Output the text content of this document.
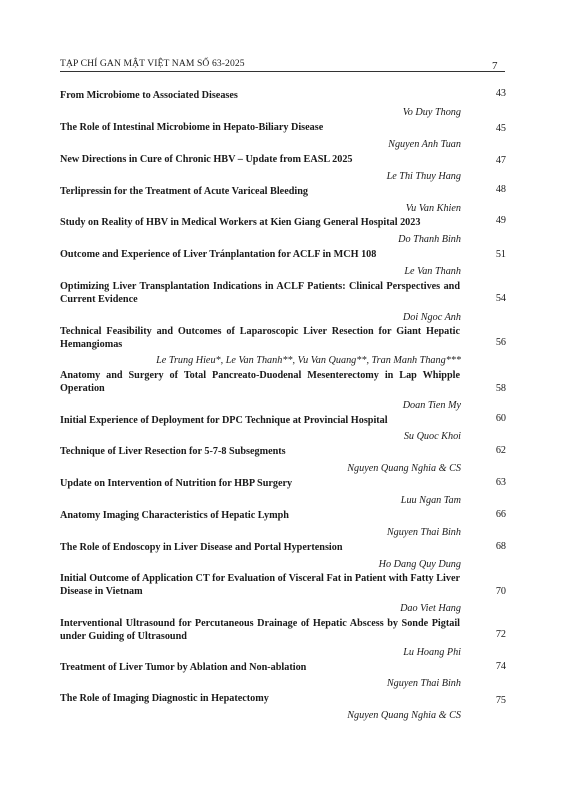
TẠP CHÍ GAN MẬT VIỆT NAM SỐ 63-2025	7
From Microbiome to Associated Diseases
Vo Duy Thong
43
The Role of Intestinal Microbiome in Hepato-Biliary Disease
Nguyen Anh Tuan
45
New Directions in Cure of Chronic HBV – Update from EASL 2025
Le Thi Thuy Hang
47
Terlipressin for the Treatment of Acute Variceal Bleeding
Vu Van Khien
48
Study on Reality of HBV in Medical Workers at Kien Giang General Hospital 2023
Do Thanh Binh
49
Outcome and Experience of Liver Tránplantation for ACLF in MCH 108
Le Van Thanh
51
Optimizing Liver Transplantation Indications in ACLF Patients: Clinical Perspectives and Current Evidence
Doi Ngoc Anh
54
Technical Feasibility and Outcomes of Laparoscopic Liver Resection for Giant Hepatic Hemangiomas
Le Trung Hieu*, Le Van Thanh**, Vu Van Quang**, Tran Manh Thang***
56
Anatomy and Surgery of Total Pancreato-Duodenal Mesenterectomy in Lap Whipple Operation
Doan Tien My
58
Initial Experience of Deployment for DPC Technique at Provincial Hospital
Su Quoc Khoi
60
Technique of Liver Resection for 5-7-8 Subsegments
Nguyen Quang Nghia & CS
62
Update on Intervention of Nutrition for HBP Surgery
Luu Ngan Tam
63
Anatomy Imaging Characteristics of Hepatic Lymph
Nguyen Thai Binh
66
The Role of Endoscopy in Liver Disease and Portal Hypertension
Ho Dang Quy Dung
68
Initial Outcome of Application CT for Evaluation of Visceral Fat in Patient with Fatty Liver Disease in Vietnam
Dao Viet Hang
70
Interventional Ultrasound for Percutaneous Drainage of Hepatic Abscess by Sonde Pigtail under Guiding of Ultrasound
Lu Hoang Phi
72
Treatment of Liver Tumor by Ablation and Non-ablation
Nguyen Thai Binh
74
The Role of Imaging Diagnostic in Hepatectomy
Nguyen Quang Nghia & CS
75
